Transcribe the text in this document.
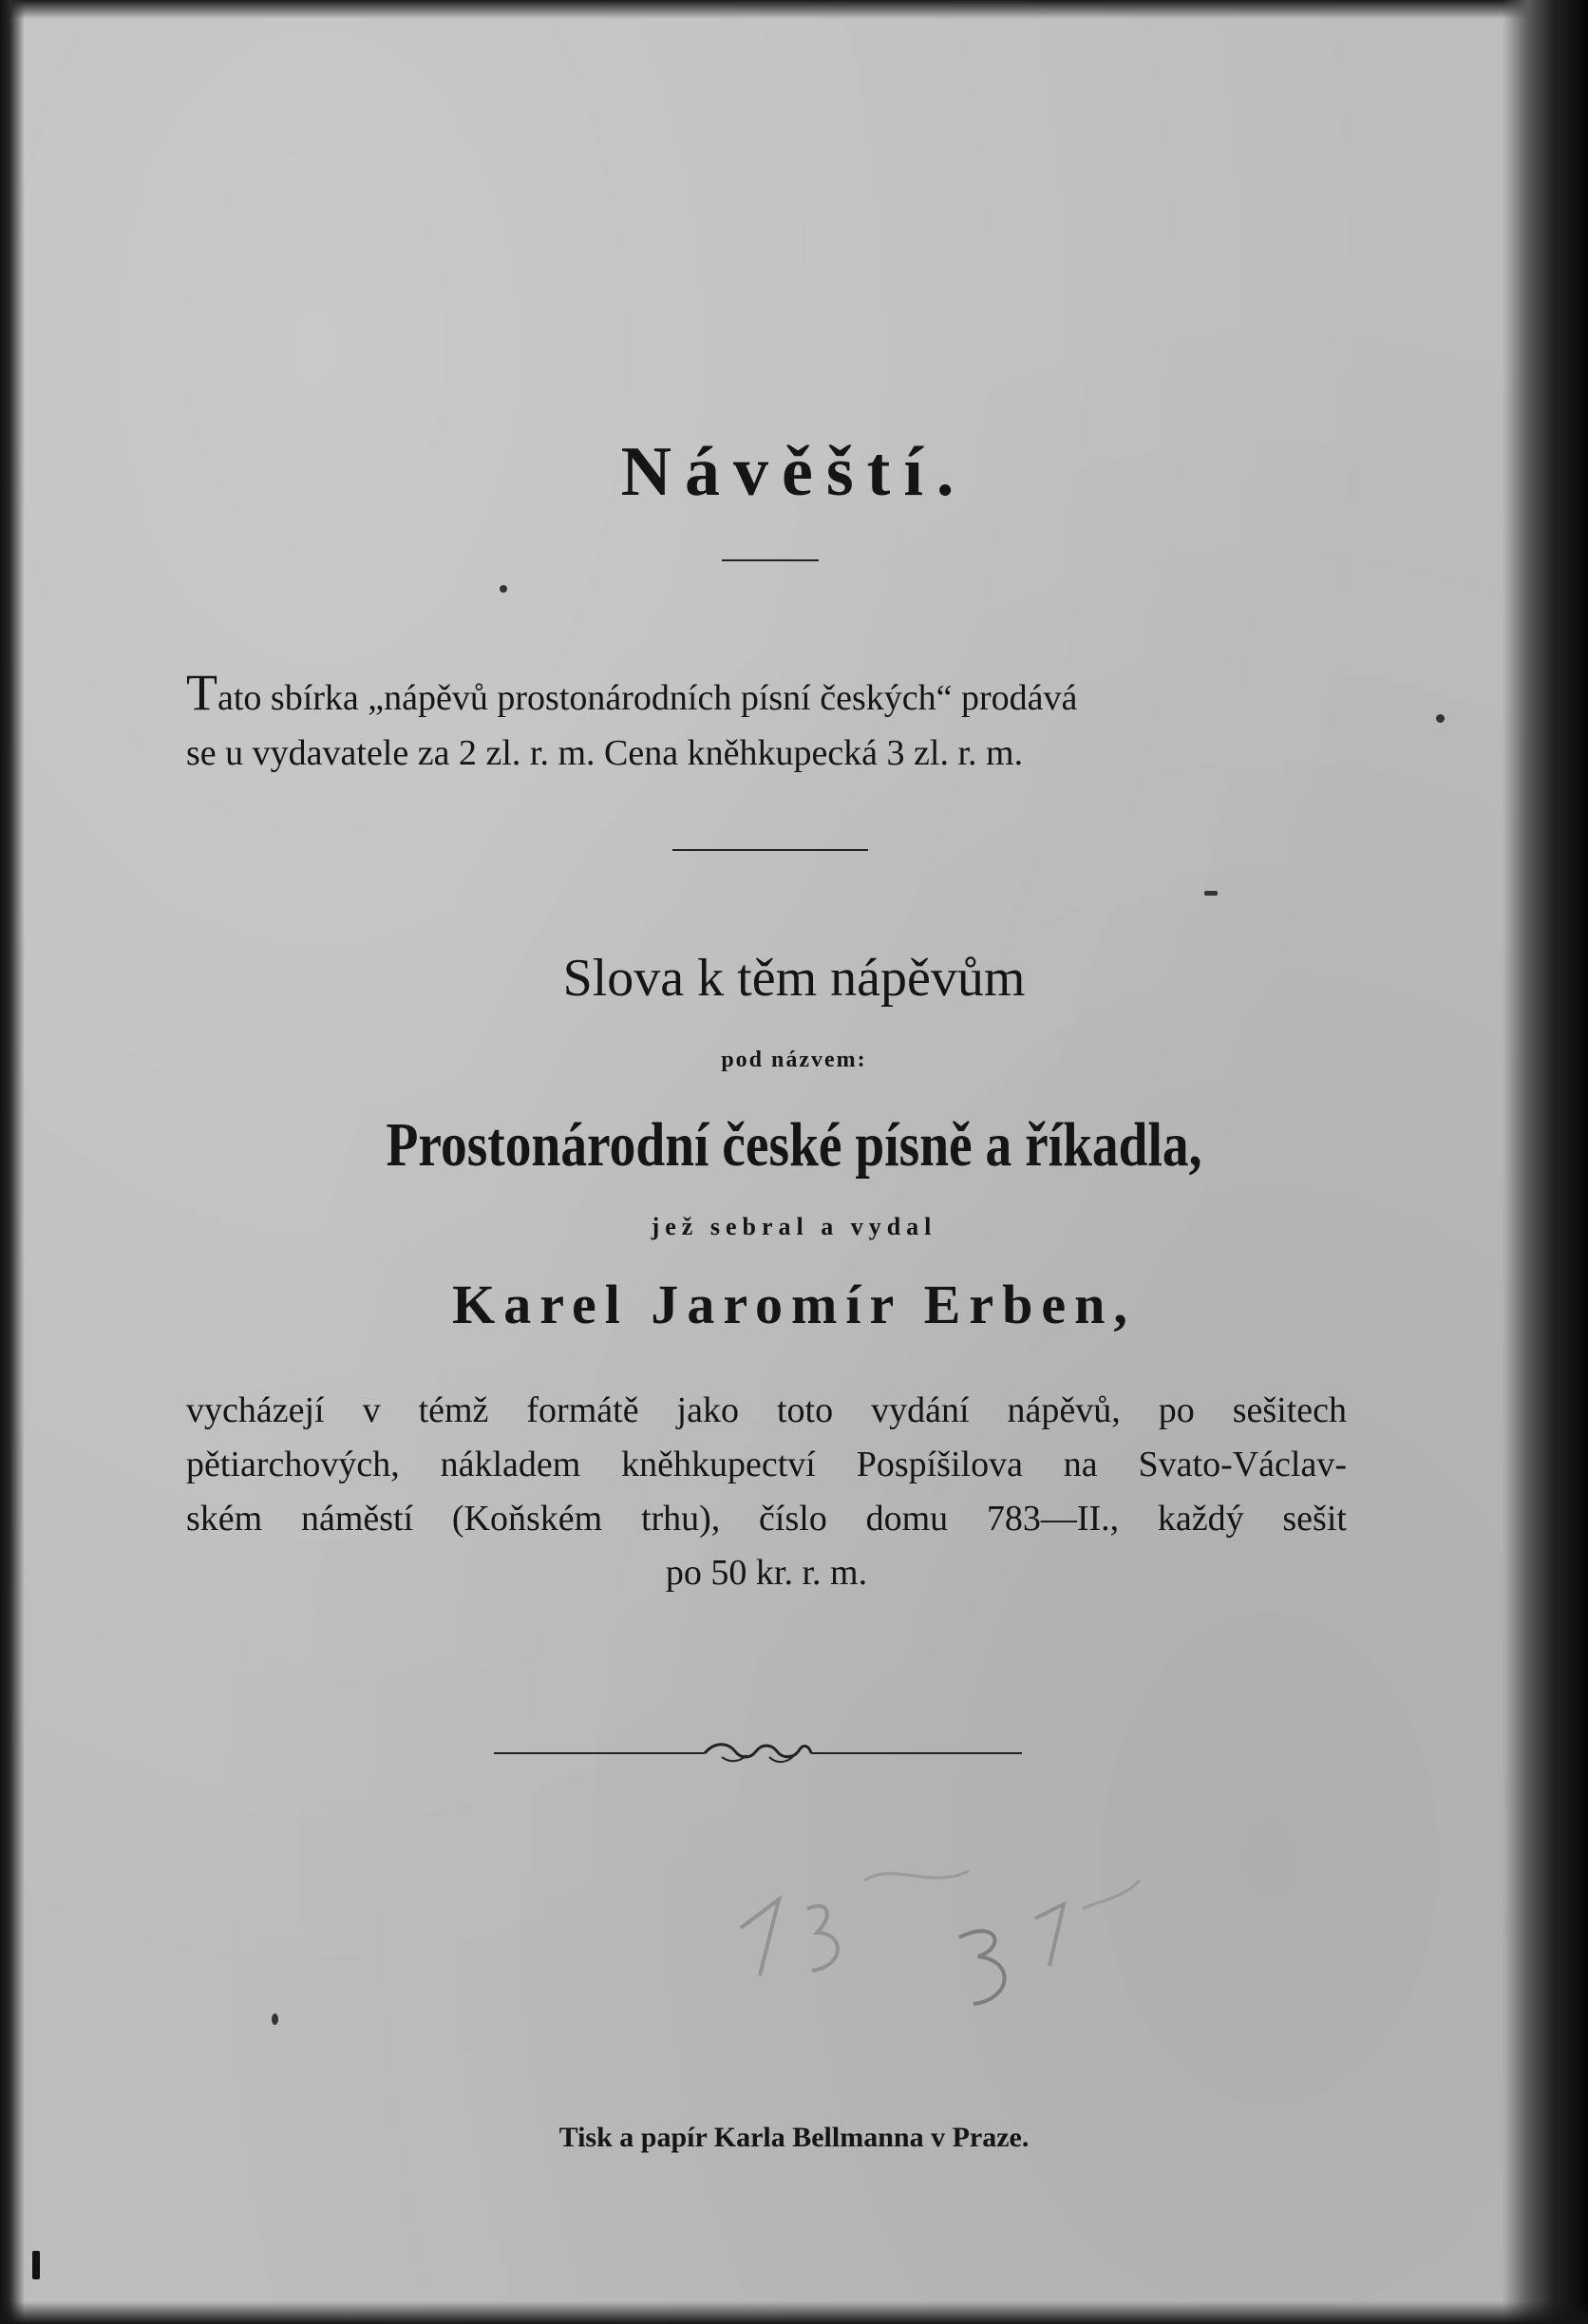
Návěští.
Tato sbírka „nápěvů prostonárodních písní českých“ prodává
se u vydavatele za 2 zl. r. m. Cena kněhkupecká 3 zl. r. m.
Slova k těm nápěvům
pod názvem:
Prostonárodní české písně a říkadla,
jež sebral a vydal
Karel Jaromír Erben,
vycházejí v témž formátě jako toto vydání nápěvů, po sešitech
pětiarchových, nákladem kněhkupectví Pospíšilova na Svato-Václav-
ském náměstí (Koňském trhu), číslo domu 783—II., každý sešit
po 50 kr. r. m.
Tisk a papír Karla Bellmanna v Praze.
